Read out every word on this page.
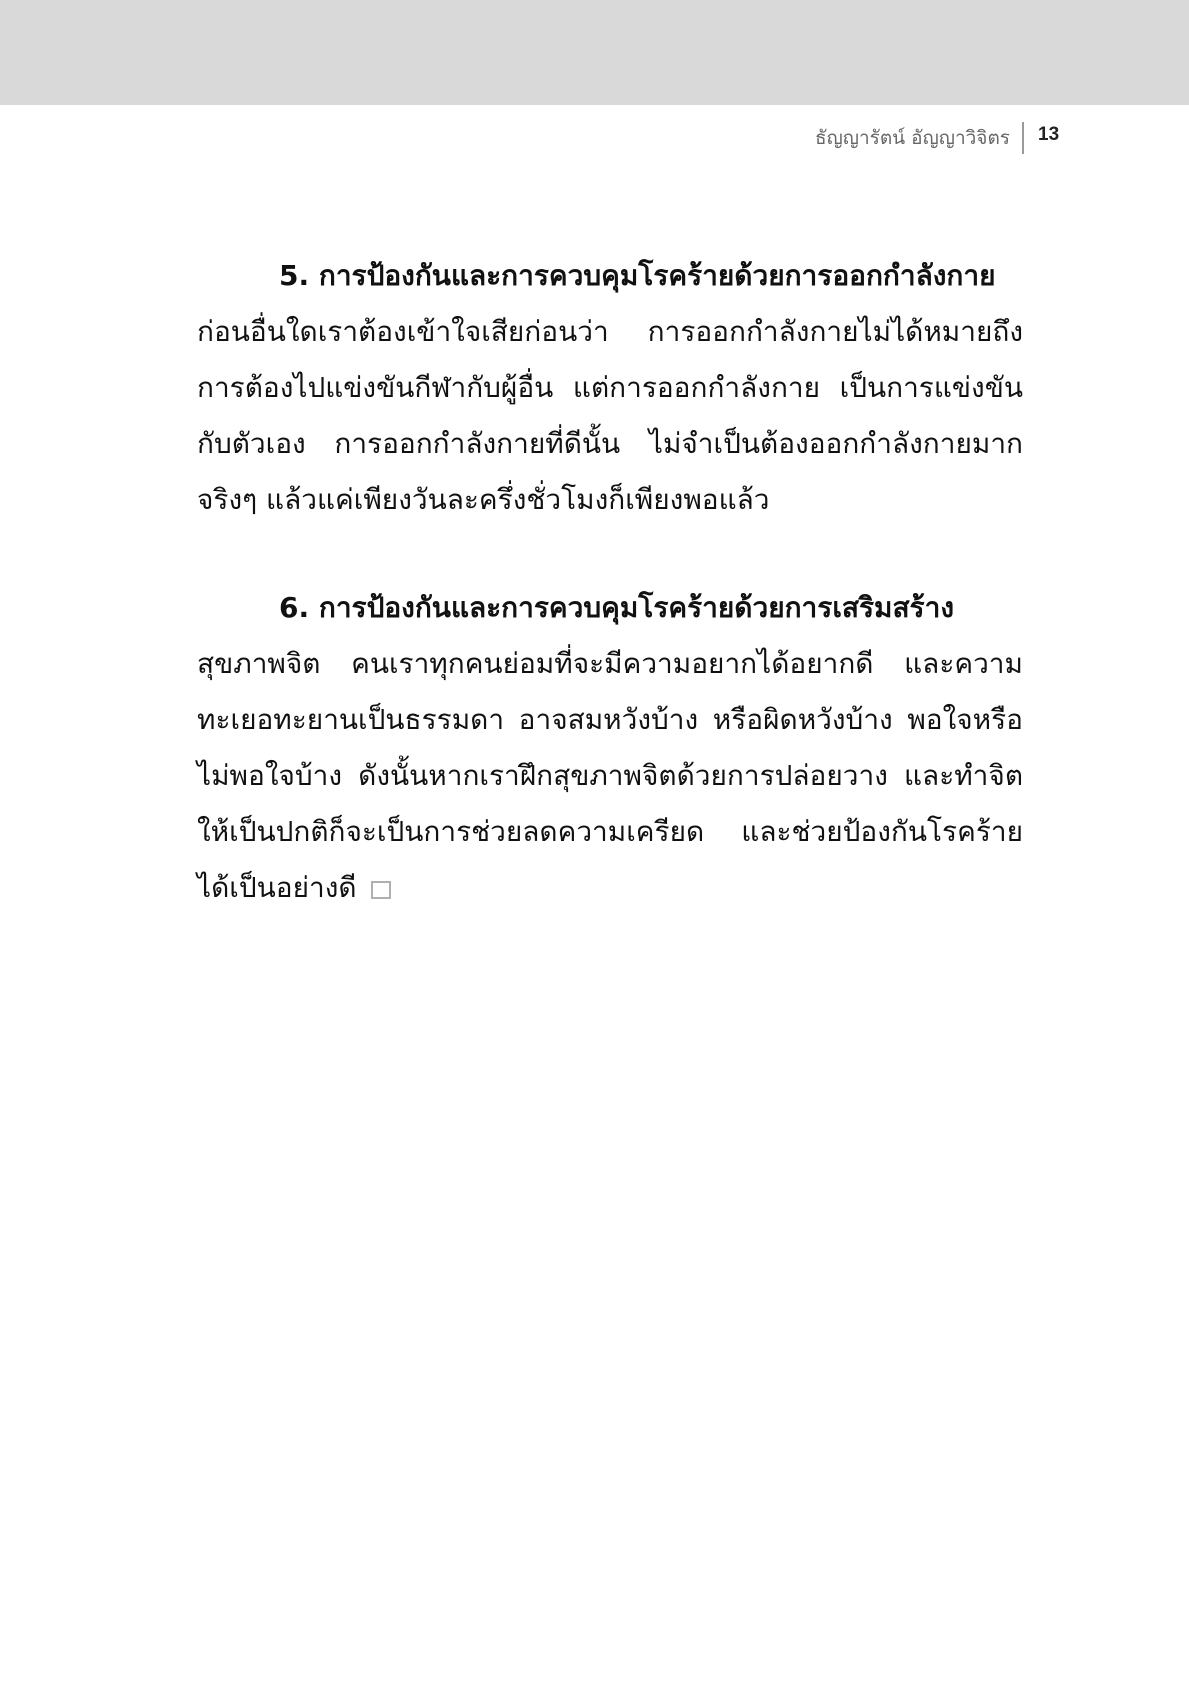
ธัญญารัตน์ อัญญาวิจิตร	13

5. การป้องกันและการควบคุมโรคร้ายด้วยการออกกำลังกาย
ก่อนอื่นใดเราต้องเข้าใจเสียก่อนว่า การออกกำลังกายไม่ได้หมายถึงการต้องไปแข่งขันกีฬากับผู้อื่น แต่การออกกำลังกาย เป็นการแข่งขันกับตัวเอง การออกกำลังกายที่ดีนั้น ไม่จำเป็นต้องออกกำลังกายมากจริงๆ แล้วแค่เพียงวันละครึ่งชั่วโมงก็เพียงพอแล้ว

6. การป้องกันและการควบคุมโรคร้ายด้วยการเสริมสร้าง
สุขภาพจิต คนเราทุกคนย่อมที่จะมีความอยากได้อยากดี และความทะเยอทะยานเป็นธรรมดา อาจสมหวังบ้าง หรือผิดหวังบ้าง พอใจหรือไม่พอใจบ้าง ดังนั้นหากเราฝึกสุขภาพจิตด้วยการปล่อยวาง และทำจิตให้เป็นปกติก็จะเป็นการช่วยลดความเครียด และช่วยป้องกันโรคร้ายได้เป็นอย่างดี
